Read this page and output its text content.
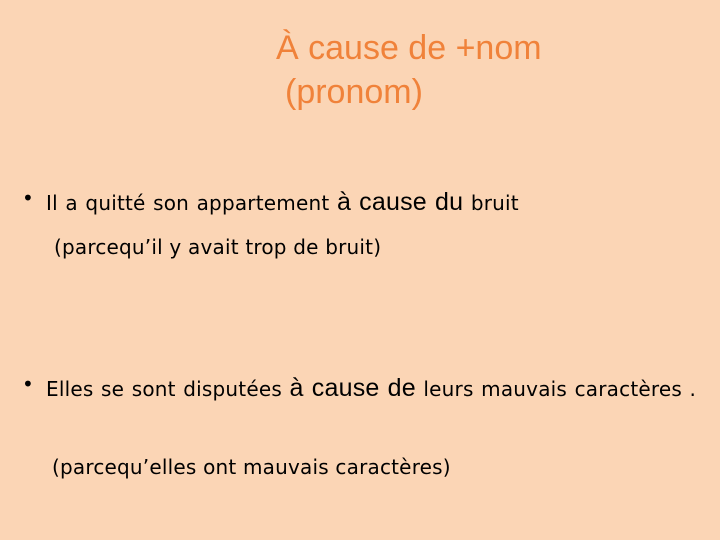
À cause de +nom
(pronom)
• Il a quitté son appartement à cause du bruit
(parcequ’il y avait trop de bruit)
• Elles se sont disputées à cause de leurs mauvais caractères .
(parcequ’elles ont mauvais caractères)
